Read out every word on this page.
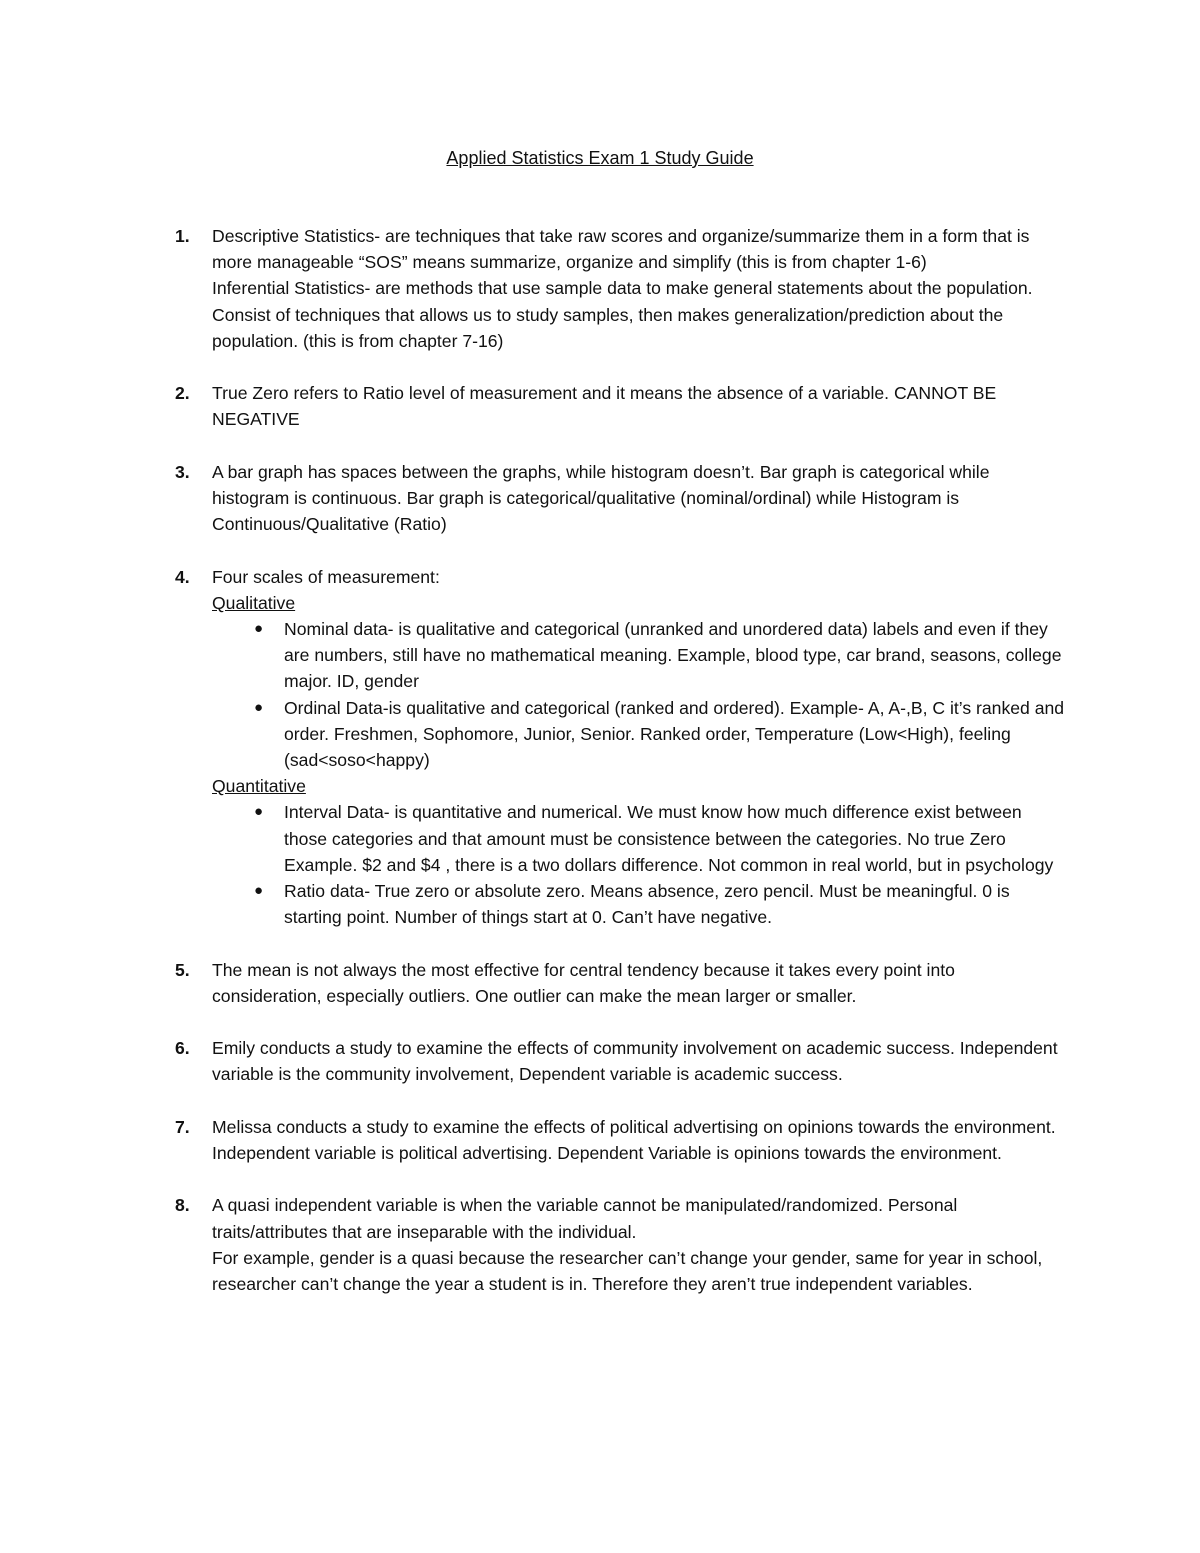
Applied Statistics Exam 1 Study Guide
1. Descriptive Statistics- are techniques that take raw scores and organize/summarize them in a form that is more manageable “SOS” means summarize, organize and simplify (this is from chapter 1-6)

Inferential Statistics- are methods that use sample data to make general statements about the population. Consist of techniques that allows us to study samples, then makes generalization/prediction about the population. (this is from chapter 7-16)

2. True Zero refers to Ratio level of measurement and it means the absence of a variable. CANNOT BE NEGATIVE

3. A bar graph has spaces between the graphs, while histogram doesn’t. Bar graph is categorical while histogram is continuous. Bar graph is categorical/qualitative (nominal/ordinal) while Histogram is Continuous/Qualitative (Ratio)

4. Four scales of measurement:

Qualitative

● Nominal data- is qualitative and categorical (unranked and unordered data) labels and even if they are numbers, still have no mathematical meaning. Example, blood type, car brand, seasons, college major. ID, gender
● Ordinal Data-is qualitative and categorical (ranked and ordered). Example- A, A-,B, C it’s ranked and order. Freshmen, Sophomore, Junior, Senior. Ranked order, Temperature (Low<High), feeling (sad<soso<happy)

Quantitative

● Interval Data- is quantitative and numerical. We must know how much difference exist between those categories and that amount must be consistence between the categories. No true Zero Example. $2 and $4 , there is a two dollars difference. Not common in real world, but in psychology
● Ratio data- True zero or absolute zero. Means absence, zero pencil. Must be meaningful. 0 is starting point. Number of things start at 0. Can’t have negative.
5. The mean is not always the most effective for central tendency because it takes every point into consideration, especially outliers. One outlier can make the mean larger or smaller.

6. Emily conducts a study to examine the effects of community involvement on academic success. Independent variable is the community involvement, Dependent variable is academic success.

7. Melissa conducts a study to examine the effects of political advertising on opinions towards the environment. Independent variable is political advertising. Dependent Variable is opinions towards the environment.

8. A quasi independent variable is when the variable cannot be manipulated/randomized. Personal traits/attributes that are inseparable with the individual.

For example, gender is a quasi because the researcher can’t change your gender, same for year in school, researcher can’t change the year a student is in. Therefore they aren’t true independent variables.
